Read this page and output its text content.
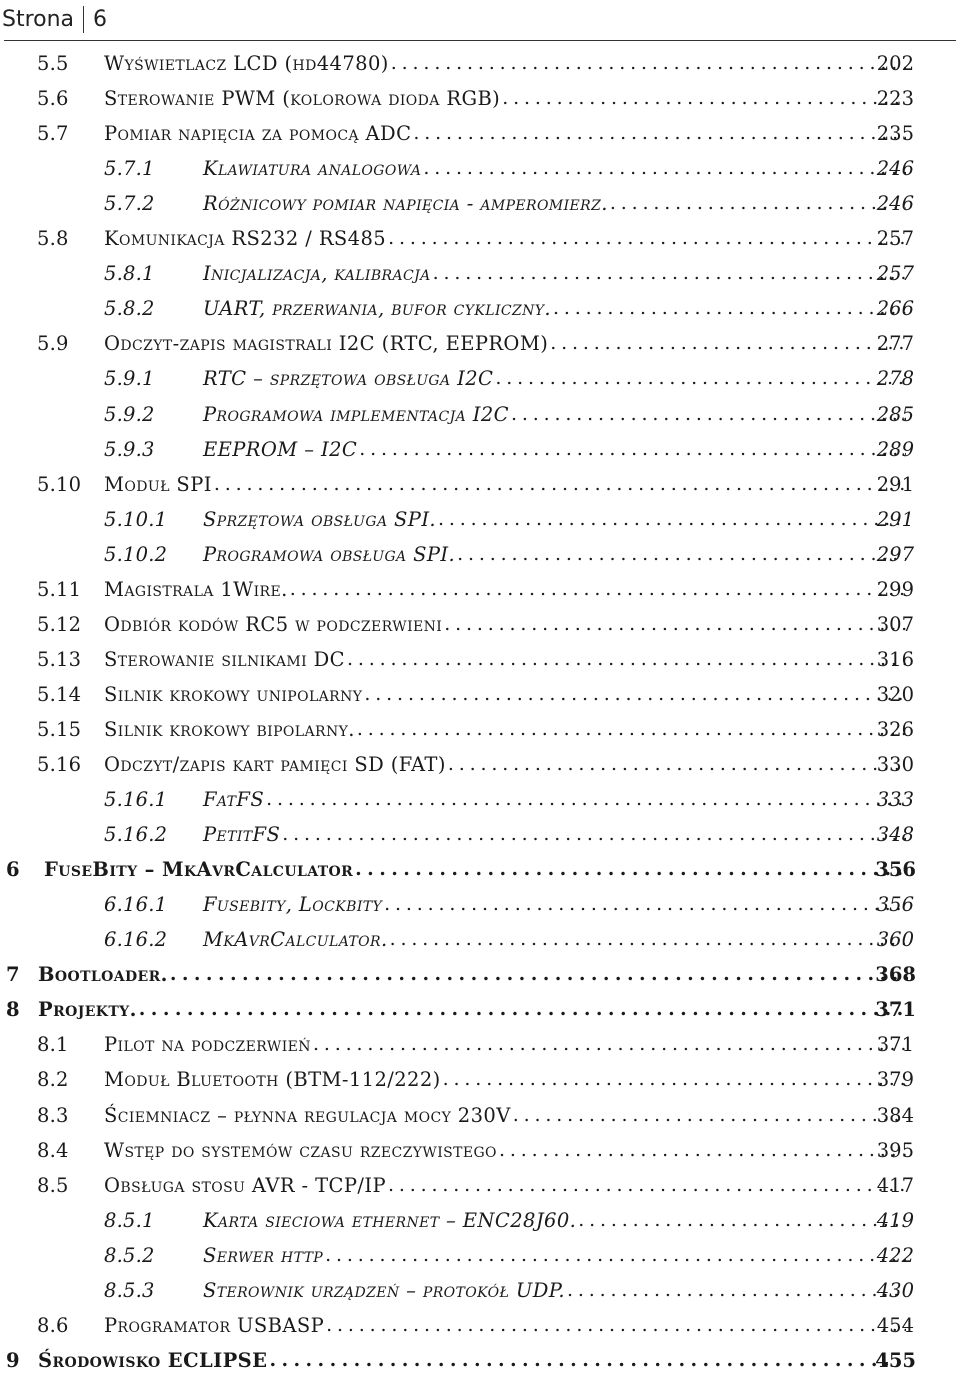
Strona 6
5.5 Wyświetlacz LCD (hd44780) . . .	202
5.6 Sterowanie PWM (kolorowa dioda RGB) . . .	223
5.7 Pomiar napięcia za pomocą ADC . . .	235
5.7.1 Klawiatura analogowa . . .	246
5.7.2 Różnicowy pomiar napięcia - amperomierz. . . .	246
5.8 Komunikacja RS232 / RS485 . . .	257
5.8.1 Inicjalizacja, kalibracja . . .	257
5.8.2 UART, przerwania, bufor cykliczny. . . .	266
5.9 Odczyt-zapis magistrali I2C (RTC, EEPROM) . . .	277
5.9.1 RTC – sprzętowa obsługa I2C . . .	278
5.9.2 Programowa implementacja I2C . . .	285
5.9.3 EEPROM – I2C . . .	289
5.10 Moduł SPI . . .	291
5.10.1 Sprzętowa obsługa SPI. . . .	291
5.10.2 Programowa obsługa SPI. . . .	297
5.11 Magistrala 1Wire. . . .	299
5.12 Odbiór kodów RC5 w podczerwieni . . .	307
5.13 Sterowanie silnikami DC . . .	316
5.14 Silnik krokowy unipolarny . . .	320
5.15 Silnik krokowy bipolarny. . . .	326
5.16 Odczyt/zapis kart pamięci SD (FAT) . . .	330
5.16.1 FatFS . . .	333
5.16.2 PetitFS . . .	348
6 FuseBity – MkAvrCalculator . . .	356
6.16.1 Fusebity, Lockbity . . .	356
6.16.2 MkAvrCalculator. . . .	360
7 Bootloader. . . .	368
8 Projekty. . . .	371
8.1 Pilot na podczerwień . . .	371
8.2 Moduł Bluetooth (BTM-112/222) . . .	379
8.3 Ściemniacz – płynna regulacja mocy 230V . . .	384
8.4 Wstęp do systemów czasu rzeczywistego . . .	395
8.5 Obsługa stosu AVR - TCP/IP . . .	417
8.5.1 Karta sieciowa ethernet – ENC28J60. . . .	419
8.5.2 Serwer http . . .	422
8.5.3 Sterownik urządzeń – protokół UDP. . . .	430
8.6 Programator USBASP . . .	454
9 Środowisko ECLIPSE . . .	455
